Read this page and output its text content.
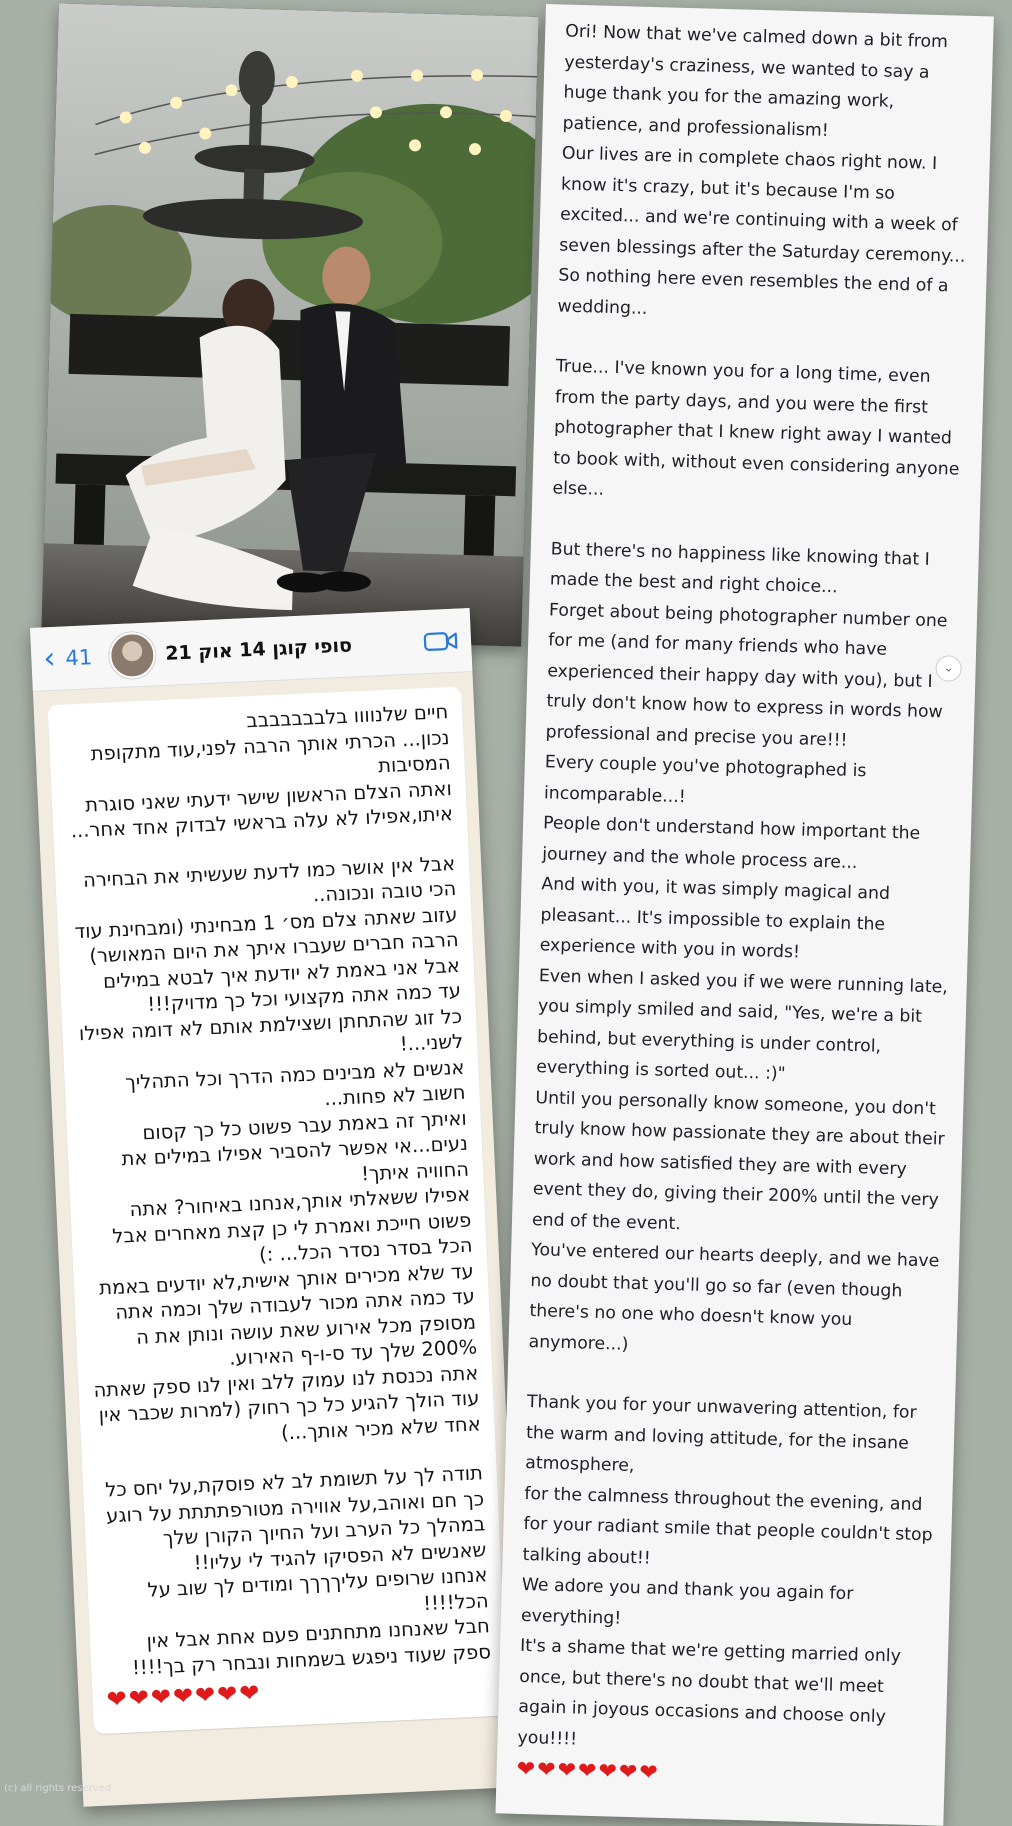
‹ 41	סופי קוגן 14 אוק 21

חיים שלנוווו בלבבבבבבב
נכון... הכרתי אותך הרבה לפני,עוד מתקופת המסיבות
ואתה הצלם הראשון שישר ידעתי שאני סוגרת איתו,אפילו לא עלה בראשי לבדוק אחד אחר...

אבל אין אושר כמו לדעת שעשיתי את הבחירה הכי טובה ונכונה..
עזוב שאתה צלם מס׳ 1 מבחינתי (ומבחינת עוד הרבה חברים שעברו איתך את היום המאושר)
אבל אני באמת לא יודעת איך לבטא במילים עד כמה אתה מקצועי וכל כך מדויק!!!
כל זוג שהתחתן ושצילמת אותם לא דומה אפילו לשני...!
אנשים לא מבינים כמה הדרך וכל התהליך חשוב לא פחות...
ואיתך זה באמת עבר פשוט כל כך קסום נעים...אי אפשר להסביר אפילו במילים את החוויה איתך!
אפילו ששאלתי אותך,אנחנו באיחור? אתה פשוט חייכת ואמרת לי כן קצת מאחרים אבל הכל בסדר נסדר הכל... :)
עד שלא מכירים אותך אישית,לא יודעים באמת עד כמה אתה מכור לעבודה שלך וכמה אתה מסופק מכל אירוע שאת עושה ונותן את ה 200% שלך עד ס-ו-ף האירוע.
אתה נכנסת לנו עמוק ללב ואין לנו ספק שאתה עוד הולך להגיע כל כך רחוק (למרות שכבר אין אחד שלא מכיר אותך...)

תודה לך על תשומת לב לא פוסקת,על יחס כל כך חם ואוהב,על אווירה מטורפתתתת על רוגע במהלך כל הערב ועל החיוך הקורן שלך שאנשים לא הפסיקו להגיד לי עליו!!
אנחנו שרופים עליךךךך ומודים לך שוב על הכל!!!!
חבל שאנחנו מתחתנים פעם אחת אבל אין ספק שעוד ניפגש בשמחות ונבחר רק בך!!!!

❤❤❤❤❤❤❤

Ori! Now that we've calmed down a bit from yesterday's craziness, we wanted to say a huge thank you for the amazing work, patience, and professionalism!

Our lives are in complete chaos right now. I know it's crazy, but it's because I'm so excited... and we're continuing with a week of seven blessings after the Saturday ceremony...

So nothing here even resembles the end of a wedding...

True... I've known you for a long time, even from the party days, and you were the first photographer that I knew right away I wanted to book with, without even considering anyone else...

But there's no happiness like knowing that I made the best and right choice...

Forget about being photographer number one for me (and for many friends who have experienced their happy day with you), but I truly don't know how to express in words how professional and precise you are!!!

Every couple you've photographed is incomparable...!

People don't understand how important the journey and the whole process are...

And with you, it was simply magical and pleasant... It's impossible to explain the experience with you in words!

Even when I asked you if we were running late, you simply smiled and said, "Yes, we're a bit behind, but everything is under control, everything is sorted out... :)"

Until you personally know someone, you don't truly know how passionate they are about their work and how satisfied they are with every event they do, giving their 200% until the very end of the event.

You've entered our hearts deeply, and we have no doubt that you'll go so far (even though there's no one who doesn't know you anymore...)

Thank you for your unwavering attention, for the warm and loving attitude, for the insane atmosphere,

for the calmness throughout the evening, and for your radiant smile that people couldn't stop talking about!!

We adore you and thank you again for everything!

It's a shame that we're getting married only once, but there's no doubt that we'll meet again in joyous occasions and choose only you!!!!

❤❤❤❤❤❤❤
⌄
(c) all rights reserved
